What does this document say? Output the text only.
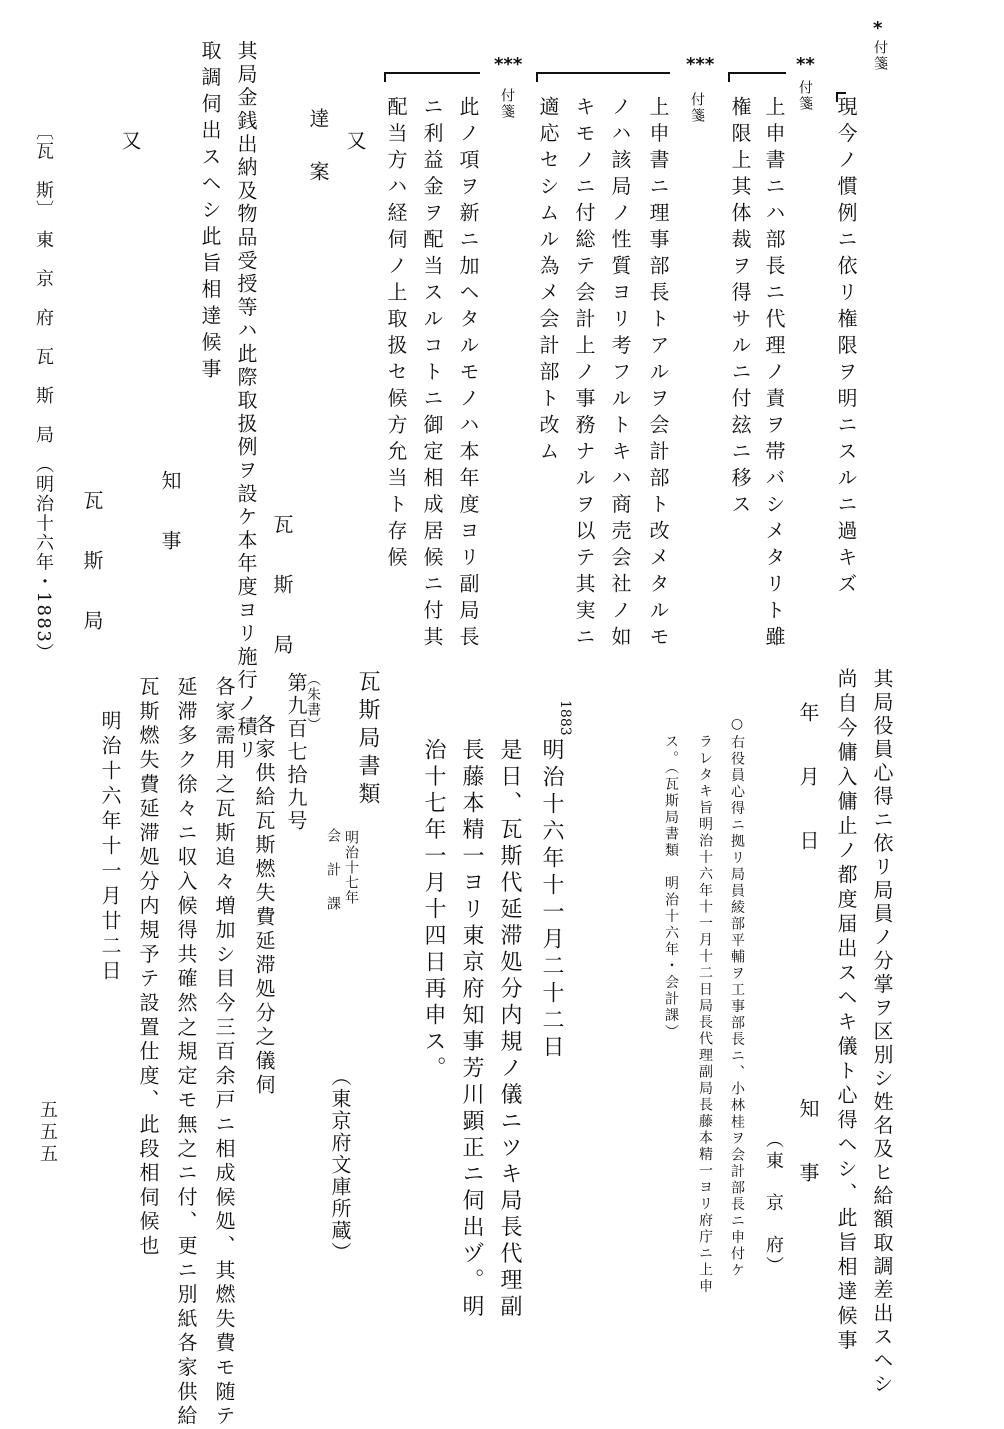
*
付箋
現今ノ慣例ニ依リ権限ヲ明ニスルニ過キズ
**
付箋
上申書ニハ部長ニ代理ノ責ヲ帯バシメタリト雖
権限上其体裁ヲ得サルニ付玆ニ移ス
***
付箋
上申書ニ理事部長トアルヲ会計部ト改メタルモ
ノハ該局ノ性質ヨリ考フルトキハ商売会社ノ如
キモノニ付総テ会計上ノ事務ナルヲ以テ其実ニ
適応セシムル為メ会計部ト改ム
***
付箋
此ノ項ヲ新ニ加ヘタルモノハ本年度ヨリ副局長
ニ利益金ヲ配当スルコトニ御定相成居候ニ付其
配当方ハ経伺ノ上取扱セ候方允当ト存候
又
達　案
瓦　斯　局
其局金銭出納及物品受授等ハ此際取扱例ヲ設ケ本年度ヨリ施行ノ積リ
取調伺出スヘシ此旨相達候事
知　事
又
瓦　斯　局
〔瓦　斯〕　東　京　府　瓦　斯　局　（明治十六年・1883）
其局役員心得ニ依リ局員ノ分掌ヲ区別シ姓名及ヒ給額取調差出スヘシ
尚自今傭入傭止ノ都度届出スヘキ儀ト心得ヘシ、此旨相達候事
年　月　日
知　事
（東　京　府）
○右役員心得ニ拠リ局員綾部平輔ヲ工事部長ニ、小林桂ヲ会計部長ニ申付ケ
ラレタキ旨明治十六年十一月十二日局長代理副局長藤本精一ヨリ府庁ニ上申
ス。（瓦斯局書類　明治十六年・会計課）
1883
明治十六年十一月二十二日
是日、瓦斯代延滞処分内規ノ儀ニツキ局長代理副
長藤本精一ヨリ東京府知事芳川顕正ニ伺出ヅ。明
治十七年一月十四日再申ス。
瓦斯局書類
明治十七年
会　計　課
（朱書）
第九百七拾九号
（東京府文庫所蔵）
各家供給瓦斯燃失費延滞処分之儀伺
各家需用之瓦斯追々増加シ目今三百余戸ニ相成候処、其燃失費モ随テ
延滞多ク徐々ニ収入候得共確然之規定モ無之ニ付、更ニ別紙各家供給
瓦斯燃失費延滞処分内規予テ設置仕度、此段相伺候也
明治十六年十一月廿二日
五五五
